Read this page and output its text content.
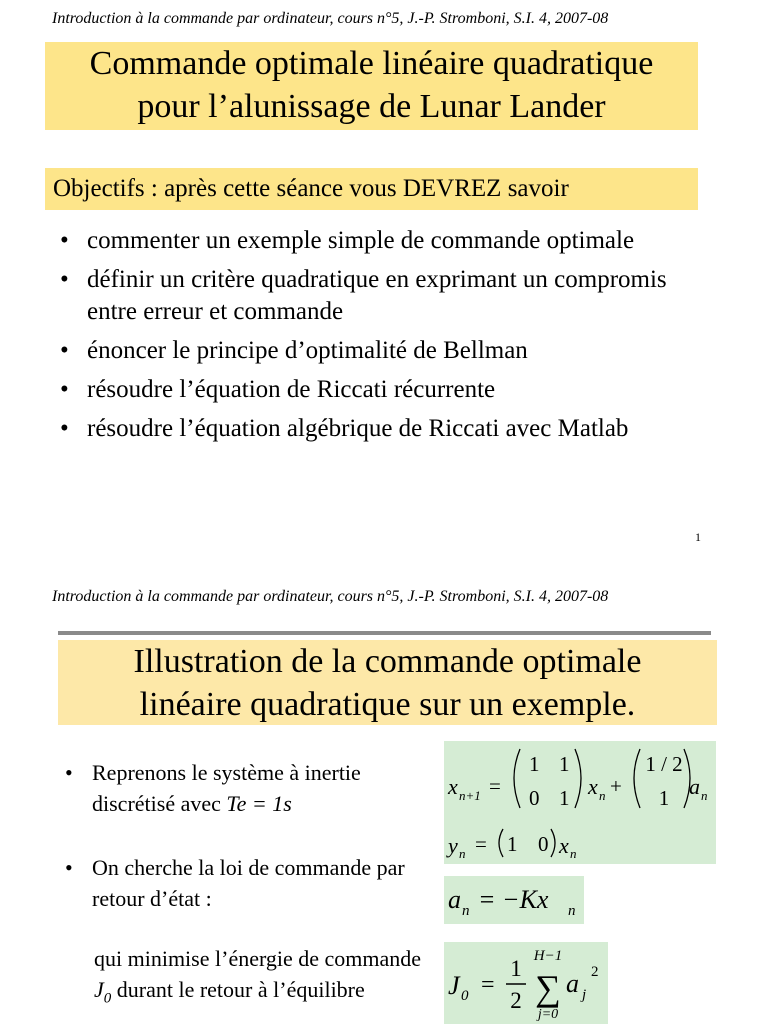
Introduction à la commande par ordinateur, cours n°5, J.-P. Stromboni, S.I. 4, 2007-08
Commande optimale linéaire quadratique
pour l’alunissage de Lunar Lander
Objectifs : après cette séance vous DEVREZ savoir
• commenter un exemple simple de commande optimale
• définir un critère quadratique en exprimant un compromis entre erreur et commande
• énoncer le principe d’optimalité de Bellman
• résoudre l’équation de Riccati récurrente
• résoudre l’équation algébrique de Riccati avec Matlab
1
Introduction à la commande par ordinateur, cours n°5, J.-P. Stromboni, S.I. 4, 2007-08
Illustration de la commande optimale
linéaire quadratique sur un exemple.
• Reprenons le système à inertie discrétisé avec Te = 1s
• On cherche la loi de commande par retour d’état :
qui minimise l’énergie de commande $J_0$ durant le retour à l’équilibre
x n+1 =
1 1
0 1 x n +
1 / 2
1 a n
y n = 1 0 x n
a n = −Kx n
J 0 =
1
2
H−1
∑
j=0
a j
2
